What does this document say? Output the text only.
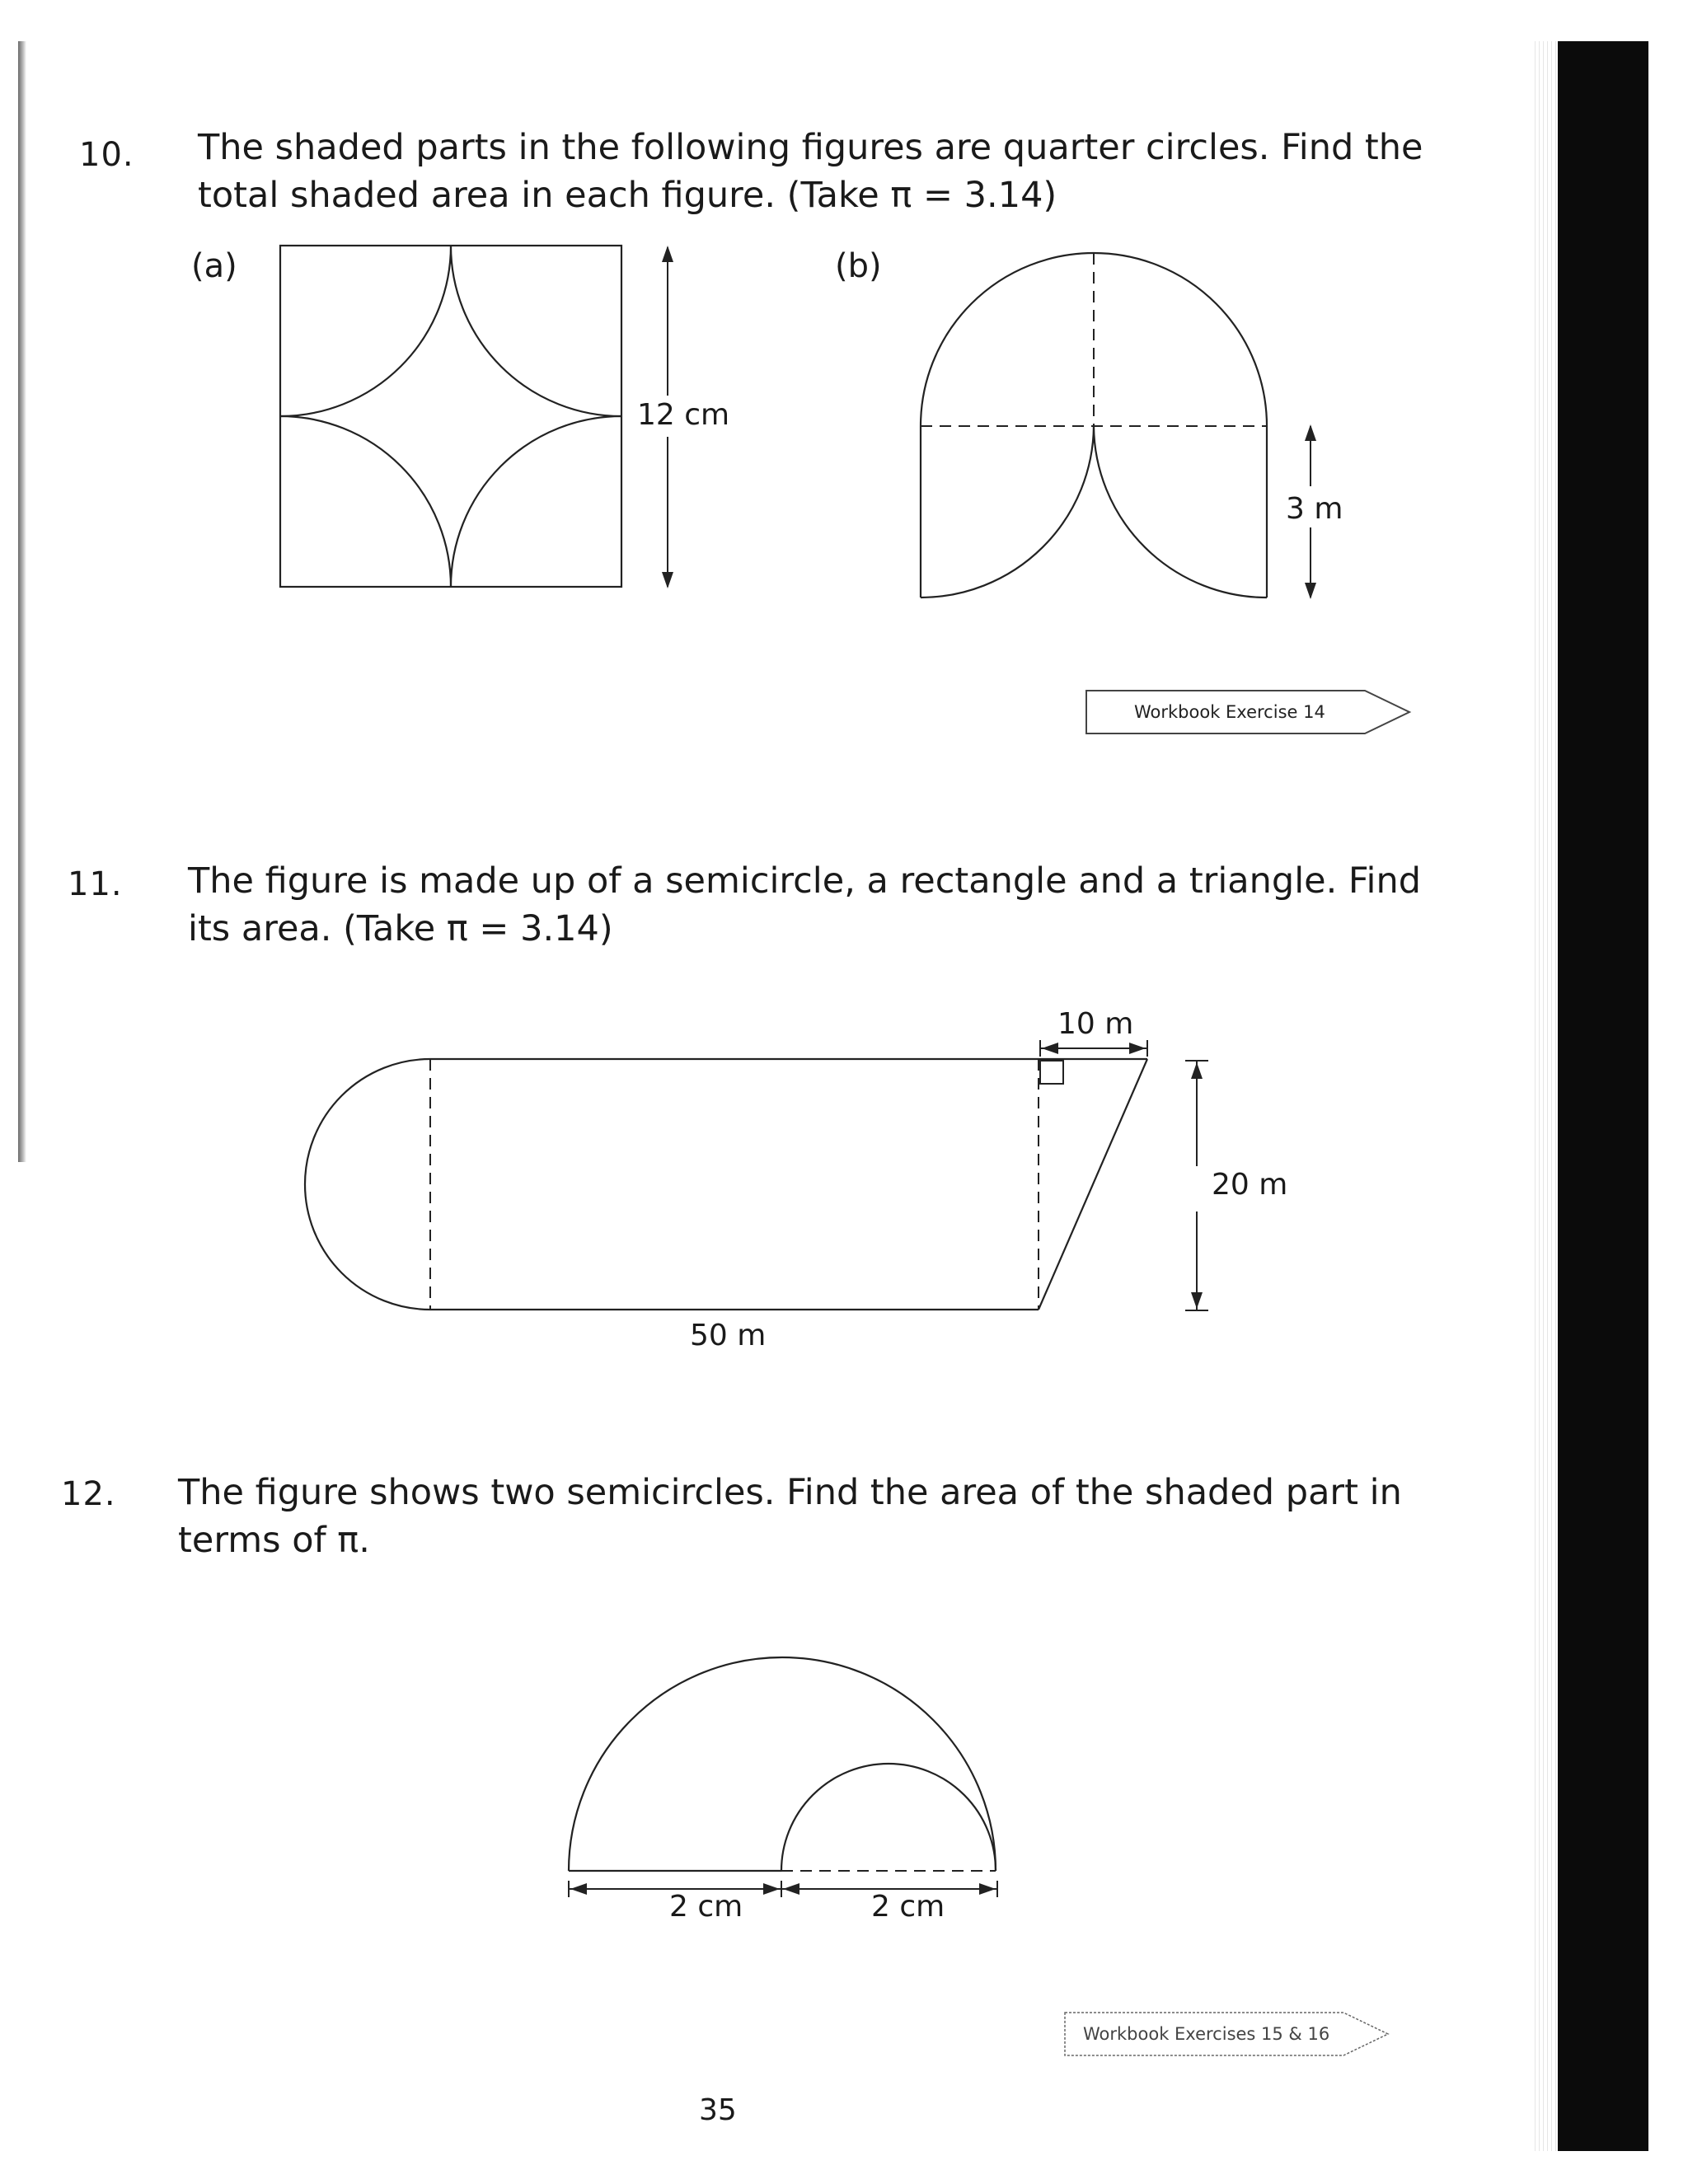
10. The shaded parts in the following figures are quarter circles. Find the
total shaded area in each figure. (Take π = 3.14)
(a)	(b)
12 cm
3 m
Workbook Exercise 14
11. The figure is made up of a semicircle, a rectangle and a triangle. Find
its area. (Take π = 3.14)
10 m
20 m
50 m
12. The figure shows two semicircles. Find the area of the shaded part in
terms of π.
2 cm	2 cm
Workbook Exercises 15 & 16
35
